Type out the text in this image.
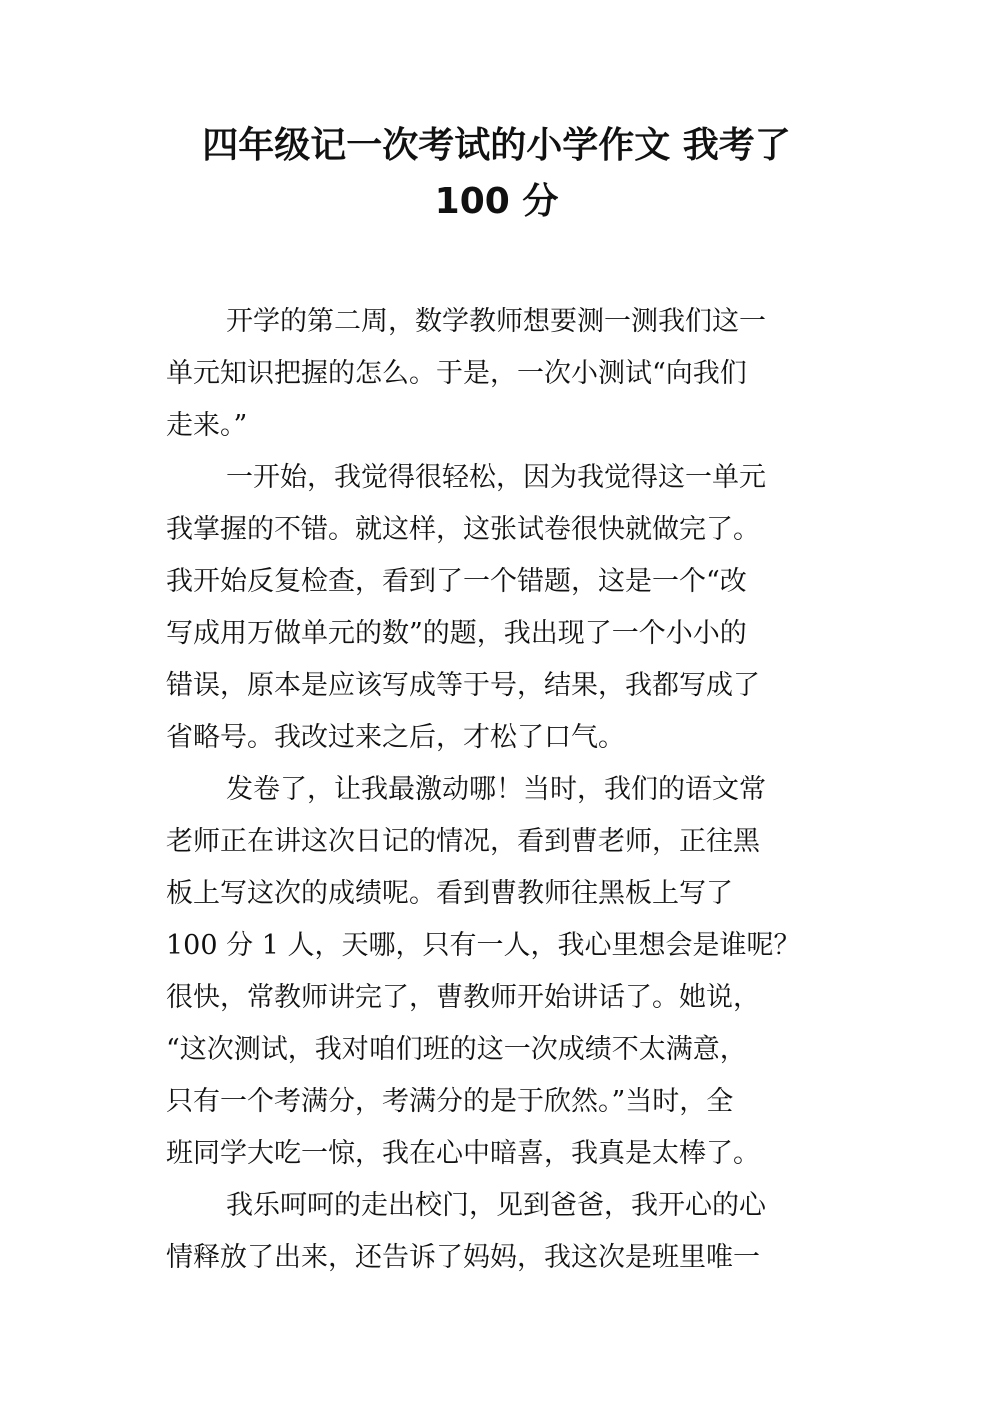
四年级记一次考试的小学作文 我考了
100 分

开学的第二周，数学教师想要测一测我们这一

单元知识把握的怎么。于是，一次小测试“向我们

走来。”

一开始，我觉得很轻松，因为我觉得这一单元

我掌握的不错。就这样，这张试卷很快就做完了。

我开始反复检查，看到了一个错题，这是一个“改

写成用万做单元的数”的题，我出现了一个小小的

错误，原本是应该写成等于号，结果，我都写成了

省略号。我改过来之后，才松了口气。

发卷了，让我最激动哪！当时，我们的语文常

老师正在讲这次日记的情况，看到曹老师，正往黑

板上写这次的成绩呢。看到曹教师往黑板上写了

100 分 1 人，天哪，只有一人，我心里想会是谁呢？

很快，常教师讲完了，曹教师开始讲话了。她说，

“这次测试，我对咱们班的这一次成绩不太满意，

只有一个考满分，考满分的是于欣然。”当时，全

班同学大吃一惊，我在心中暗喜，我真是太棒了。

我乐呵呵的走出校门，见到爸爸，我开心的心

情释放了出来，还告诉了妈妈，我这次是班里唯一
